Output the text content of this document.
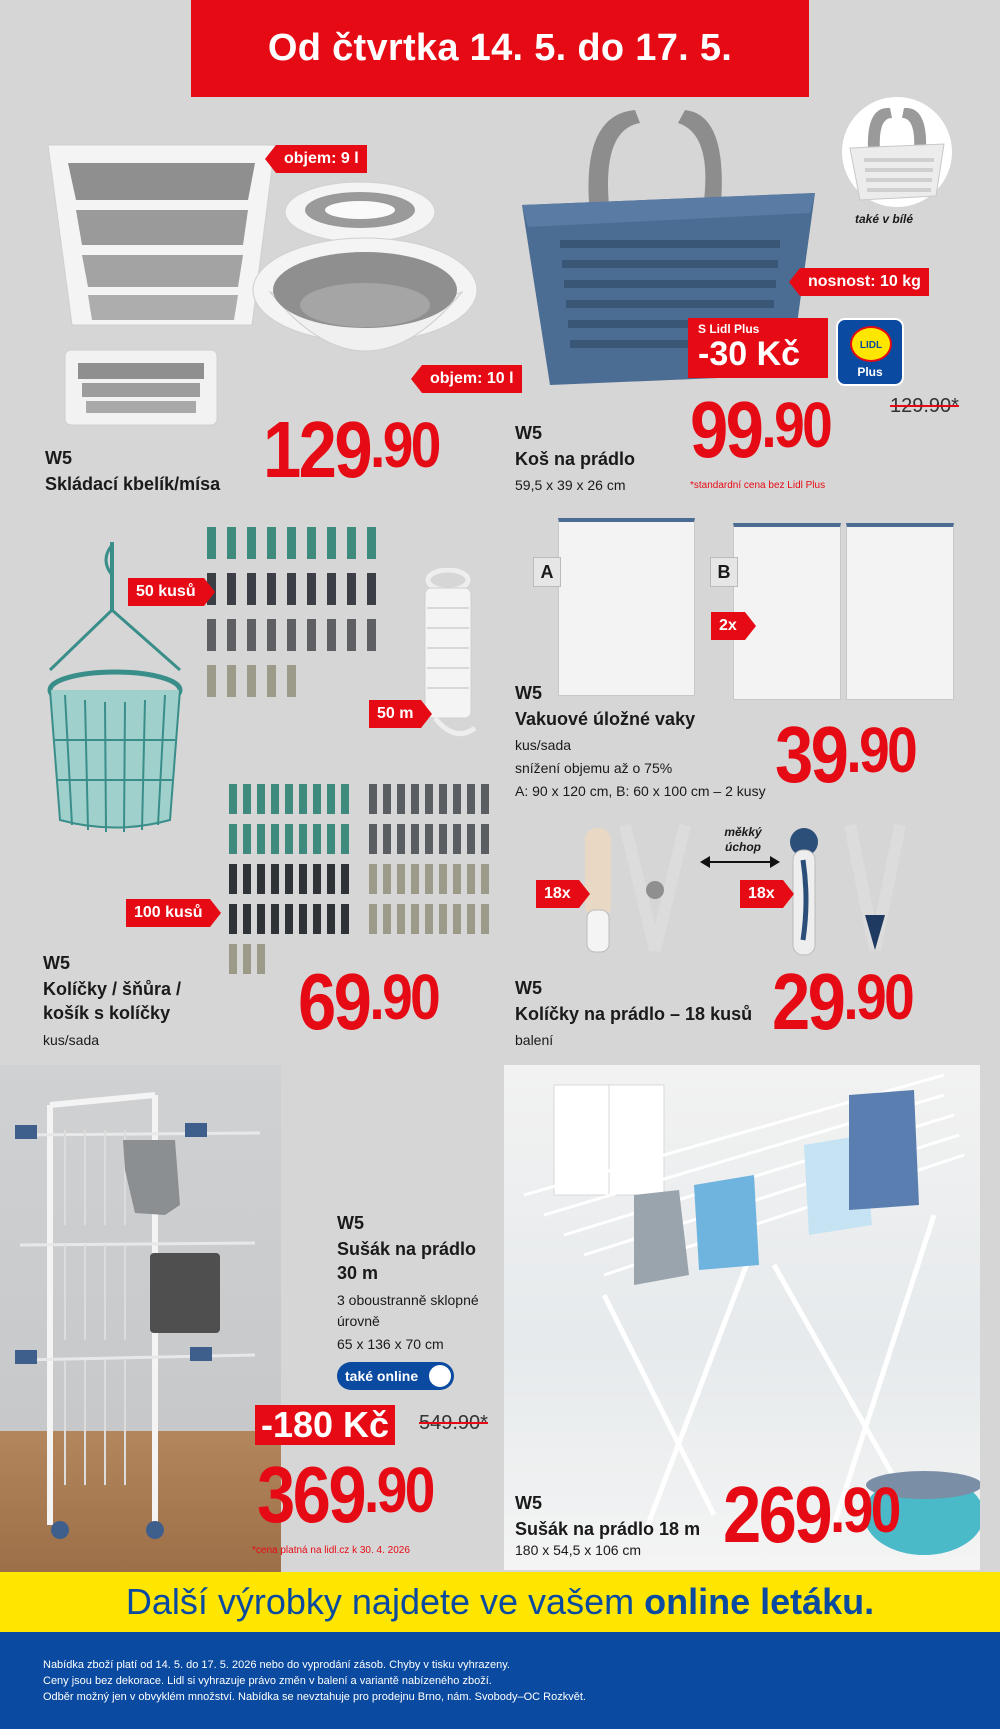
Od čtvrtka 14. 5. do 17. 5.
objem: 9 l
objem: 10 l
W5
Skládací kbelík/mísa 129.90
také v bílé
nosnost: 10 kg
S Lidl Plus
-30 Kč	LIDL
Plus
W5
Koš na prádlo
59,5 x 39 x 26 cm
99.90	129.90*
*standardní cena bez Lidl Plus
50 kusů
50 m
100 kusů
W5
Kolíčky / šňůra /
košík s kolíčky
kus/sada 69.90
A	B
2x
W5
Vakuové úložné vaky
kus/sada
snížení objemu až o 75%
A: 90 x 120 cm, B: 60 x 100 cm – 2 kusy 39.90
měkký
úchop
18x	18x
W5
Kolíčky na prádlo – 18 kusů
balení	29.90
W5
Sušák na prádlo
30 m
3 oboustranně sklopné
úrovně
65 x 136 x 70 cm
také online
-180 Kč	549.90*
369.90
*cena platná na lidl.cz k 30. 4. 2026
W5
Sušák na prádlo 18 m
180 x 54,5 x 106 cm 269.90
Další výrobky najdete ve vašem online letáku.
Nabídka zboží platí od 14. 5. do 17. 5. 2026 nebo do vyprodání zásob. Chyby v tisku vyhrazeny.
Ceny jsou bez dekorace. Lidl si vyhrazuje právo změn v balení a variantě nabízeného zboží.
Odběr možný jen v obvyklém množství. Nabídka se nevztahuje pro prodejnu Brno, nám. Svobody–OC Rozkvět.
